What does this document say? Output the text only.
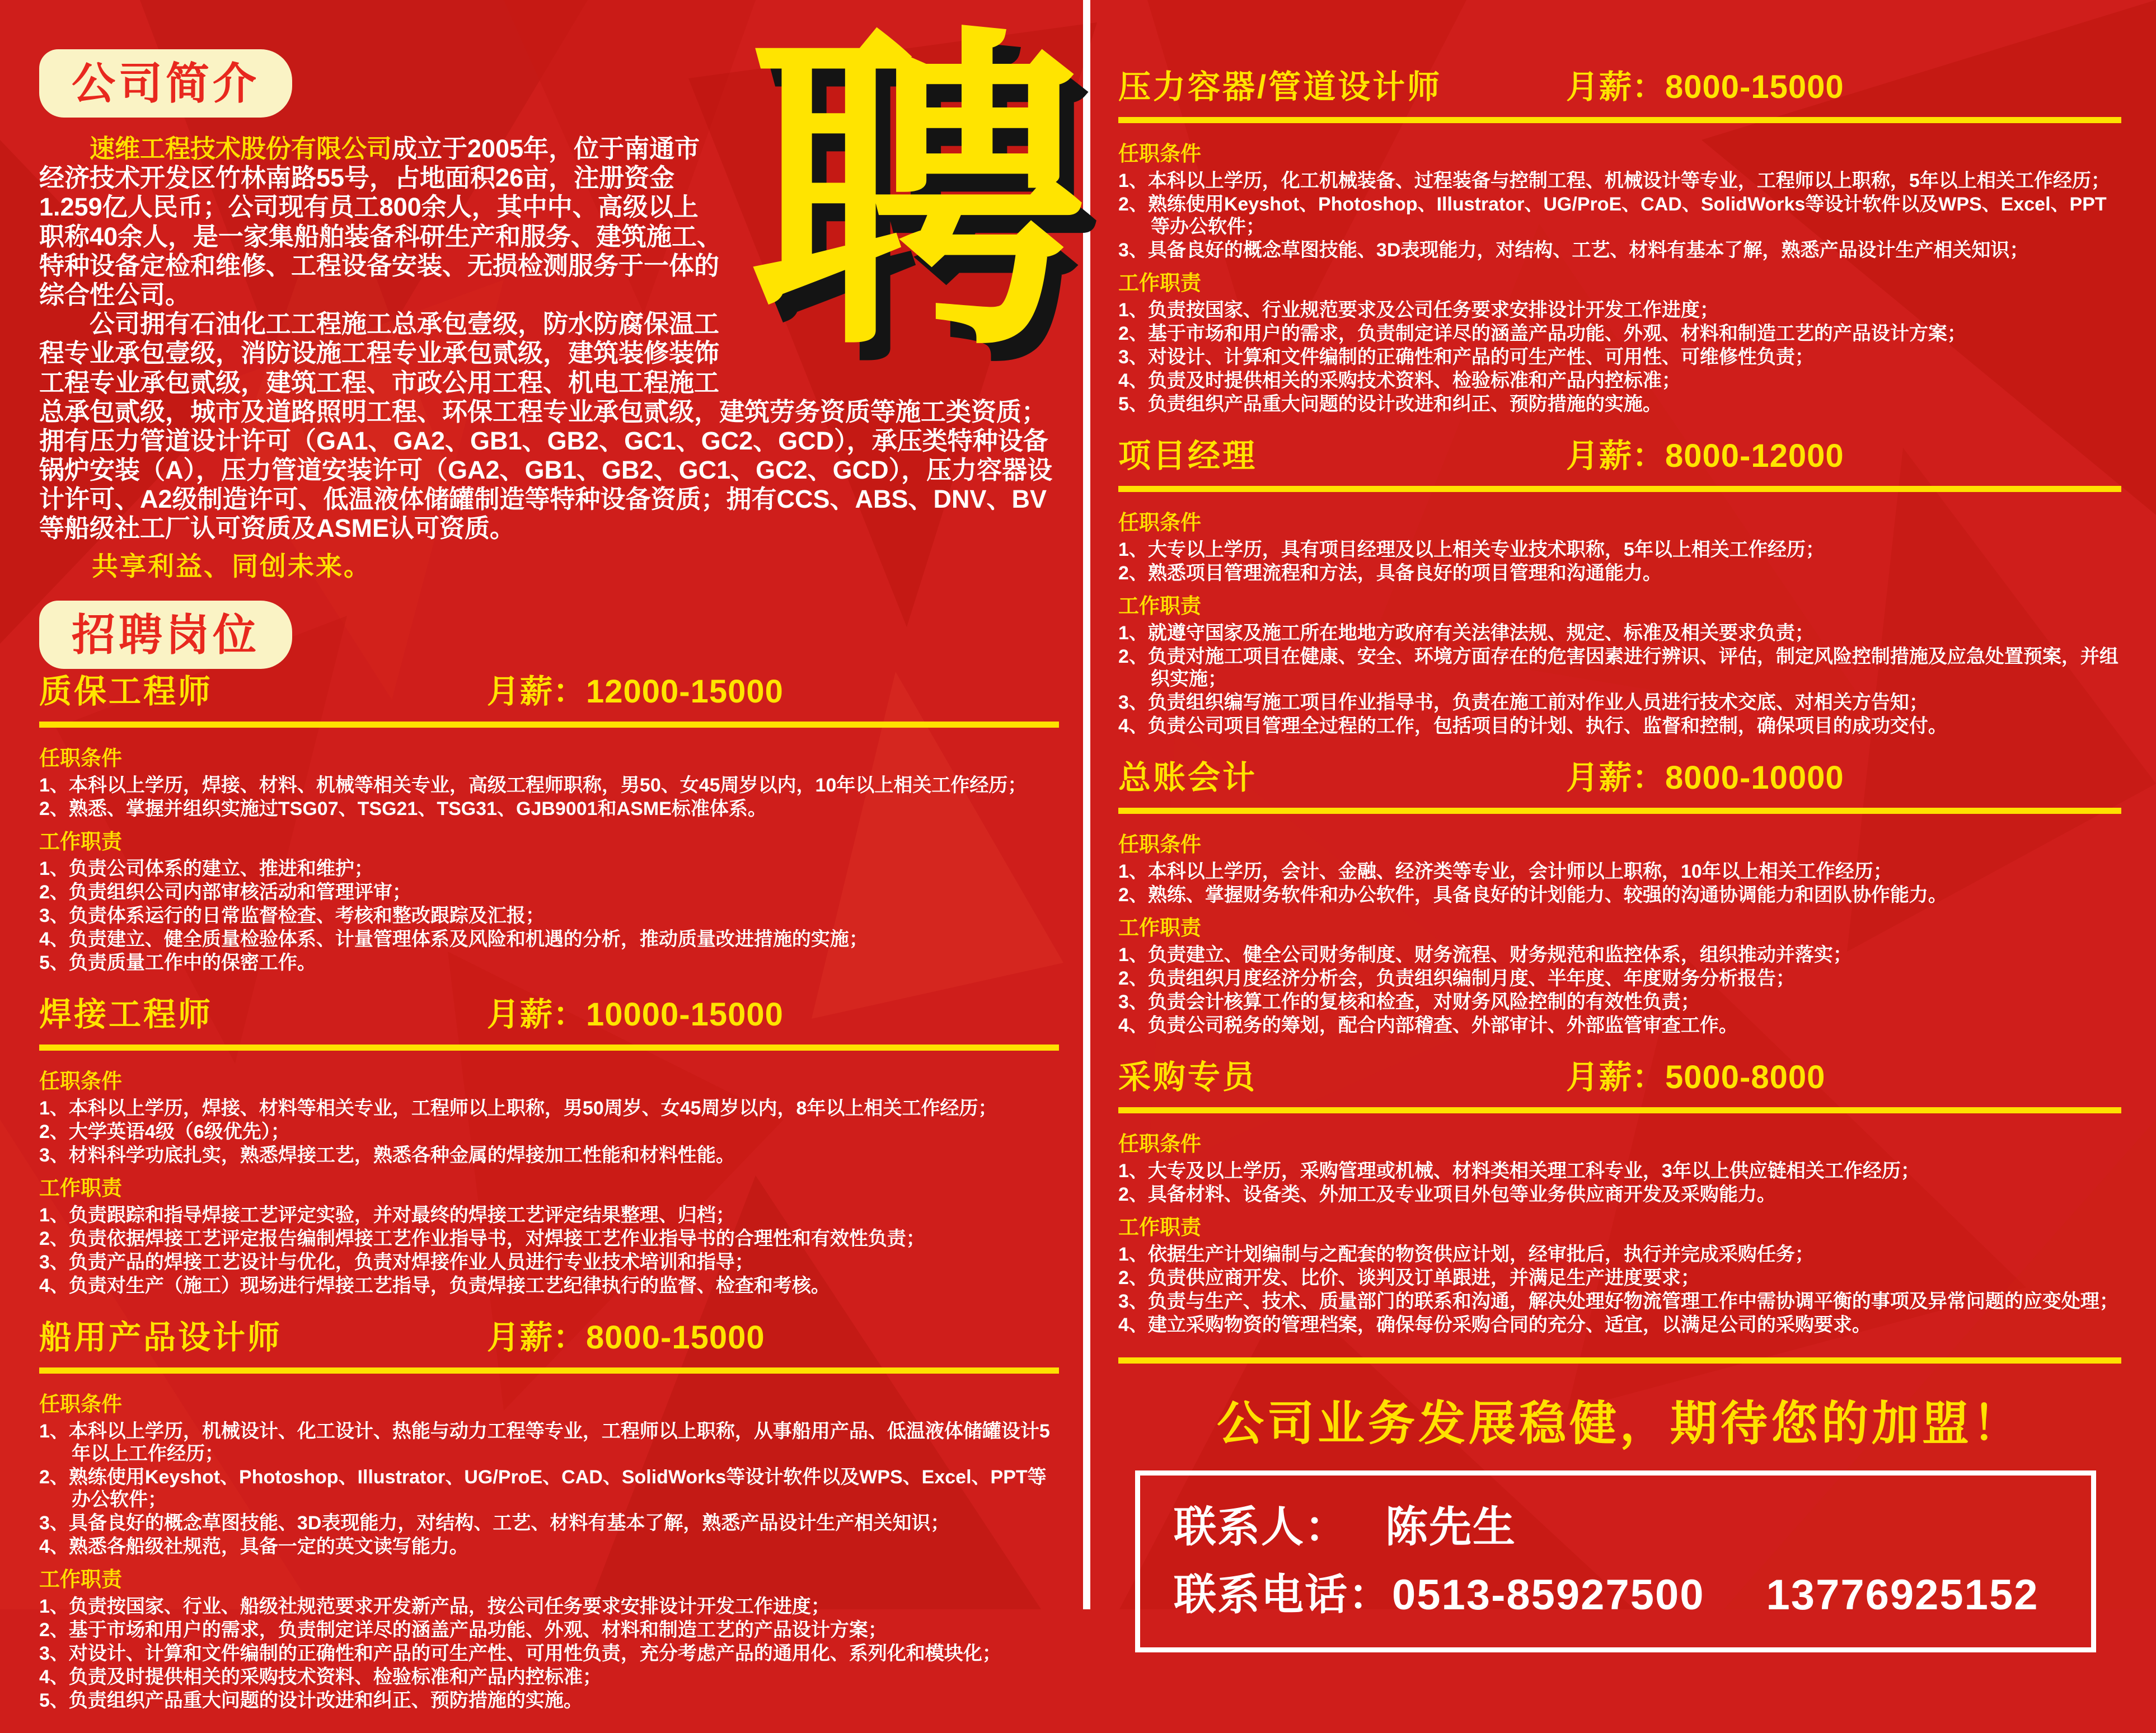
聘
公司简介

速维工程技术股份有限公司成立于2005年，位于南通市经济技术开发区竹林南路55号，占地面积26亩，注册资金1.259亿人民币；公司现有员工800余人，其中中、高级以上职称40余人，是一家集船舶装备科研生产和服务、建筑施工、特种设备定检和维修、工程设备安装、无损检测服务于一体的综合性公司。

公司拥有石油化工工程施工总承包壹级，防水防腐保温工程专业承包壹级，消防设施工程专业承包贰级，建筑装修装饰工程专业承包贰级，建筑工程、市政公用工程、机电工程施工总承包贰级，城市及道路照明工程、环保工程专业承包贰级，建筑劳务资质等施工类资质；拥有压力管道设计许可（GA1、GA2、GB1、GB2、GC1、GC2、GCD），承压类特种设备锅炉安装（A），压力管道安装许可（GA2、GB1、GB2、GC1、GC2、GCD），压力容器设计许可、A2级制造许可、低温液体储罐制造等特种设备资质；拥有CCS、ABS、DNV、BV等船级社工厂认可资质及ASME认可资质。

共享利益、同创未来。

招聘岗位
质保工程师	月薪：12000-15000
任职条件
1、本科以上学历，焊接、材料、机械等相关专业，高级工程师职称，男50、女45周岁以内，10年以上相关工作经历；
2、熟悉、掌握并组织实施过TSG07、TSG21、TSG31、GJB9001和ASME标准体系。
工作职责
1、负责公司体系的建立、推进和维护；
2、负责组织公司内部审核活动和管理评审；
3、负责体系运行的日常监督检查、考核和整改跟踪及汇报；
4、负责建立、健全质量检验体系、计量管理体系及风险和机遇的分析，推动质量改进措施的实施；
5、负责质量工作中的保密工作。
焊接工程师	月薪：10000-15000
任职条件
1、本科以上学历，焊接、材料等相关专业，工程师以上职称，男50周岁、女45周岁以内，8年以上相关工作经历；
2、大学英语4级（6级优先）；
3、材料科学功底扎实，熟悉焊接工艺，熟悉各种金属的焊接加工性能和材料性能。
工作职责
1、负责跟踪和指导焊接工艺评定实验，并对最终的焊接工艺评定结果整理、归档；
2、负责依据焊接工艺评定报告编制焊接工艺作业指导书，对焊接工艺作业指导书的合理性和有效性负责；
3、负责产品的焊接工艺设计与优化，负责对焊接作业人员进行专业技术培训和指导；
4、负责对生产（施工）现场进行焊接工艺指导，负责焊接工艺纪律执行的监督、检查和考核。
船用产品设计师	月薪：8000-15000
任职条件
1、本科以上学历，机械设计、化工设计、热能与动力工程等专业，工程师以上职称，从事船用产品、低温液体储罐设计5年以上工作经历；
2、熟练使用Keyshot、Photoshop、Illustrator、UG/ProE、CAD、SolidWorks等设计软件以及WPS、Excel、PPT等办公软件；
3、具备良好的概念草图技能、3D表现能力，对结构、工艺、材料有基本了解，熟悉产品设计生产相关知识；
4、熟悉各船级社规范，具备一定的英文读写能力。
工作职责
1、负责按国家、行业、船级社规范要求开发新产品，按公司任务要求安排设计开发工作进度；
2、基于市场和用户的需求，负责制定详尽的涵盖产品功能、外观、材料和制造工艺的产品设计方案；
3、对设计、计算和文件编制的正确性和产品的可生产性、可用性负责，充分考虑产品的通用化、系列化和模块化；
4、负责及时提供相关的采购技术资料、检验标准和产品内控标准；
5、负责组织产品重大问题的设计改进和纠正、预防措施的实施。
压力容器/管道设计师	月薪：8000-15000
任职条件
1、本科以上学历，化工机械装备、过程装备与控制工程、机械设计等专业，工程师以上职称，5年以上相关工作经历；
2、熟练使用Keyshot、Photoshop、Illustrator、UG/ProE、CAD、SolidWorks等设计软件以及WPS、Excel、PPT等办公软件；
3、具备良好的概念草图技能、3D表现能力，对结构、工艺、材料有基本了解，熟悉产品设计生产相关知识；
工作职责
1、负责按国家、行业规范要求及公司任务要求安排设计开发工作进度；
2、基于市场和用户的需求，负责制定详尽的涵盖产品功能、外观、材料和制造工艺的产品设计方案；
3、对设计、计算和文件编制的正确性和产品的可生产性、可用性、可维修性负责；
4、负责及时提供相关的采购技术资料、检验标准和产品内控标准；
5、负责组织产品重大问题的设计改进和纠正、预防措施的实施。
项目经理	月薪：8000-12000
任职条件
1、大专以上学历，具有项目经理及以上相关专业技术职称，5年以上相关工作经历；
2、熟悉项目管理流程和方法，具备良好的项目管理和沟通能力。
工作职责
1、就遵守国家及施工所在地地方政府有关法律法规、规定、标准及相关要求负责；
2、负责对施工项目在健康、安全、环境方面存在的危害因素进行辨识、评估，制定风险控制措施及应急处置预案，并组织实施；
3、负责组织编写施工项目作业指导书，负责在施工前对作业人员进行技术交底、对相关方告知；
4、负责公司项目管理全过程的工作，包括项目的计划、执行、监督和控制，确保项目的成功交付。
总账会计	月薪：8000-10000
任职条件
1、本科以上学历，会计、金融、经济类等专业，会计师以上职称，10年以上相关工作经历；
2、熟练、掌握财务软件和办公软件，具备良好的计划能力、较强的沟通协调能力和团队协作能力。
工作职责
1、负责建立、健全公司财务制度、财务流程、财务规范和监控体系，组织推动并落实；
2、负责组织月度经济分析会，负责组织编制月度、半年度、年度财务分析报告；
3、负责会计核算工作的复核和检查，对财务风险控制的有效性负责；
4、负责公司税务的筹划，配合内部稽查、外部审计、外部监管审查工作。
采购专员	月薪：5000-8000
任职条件
1、大专及以上学历，采购管理或机械、材料类相关理工科专业，3年以上供应链相关工作经历；
2、具备材料、设备类、外加工及专业项目外包等业务供应商开发及采购能力。
工作职责
1、依据生产计划编制与之配套的物资供应计划，经审批后，执行并完成采购任务；
2、负责供应商开发、比价、谈判及订单跟进，并满足生产进度要求；
3、负责与生产、技术、质量部门的联系和沟通，解决处理好物流管理工作中需协调平衡的事项及异常问题的应变处理；
4、建立采购物资的管理档案，确保每份采购合同的充分、适宜，以满足公司的采购要求。
公司业务发展稳健，期待您的加盟！
联系人： 陈先生
联系电话：0513-85927500 13776925152
